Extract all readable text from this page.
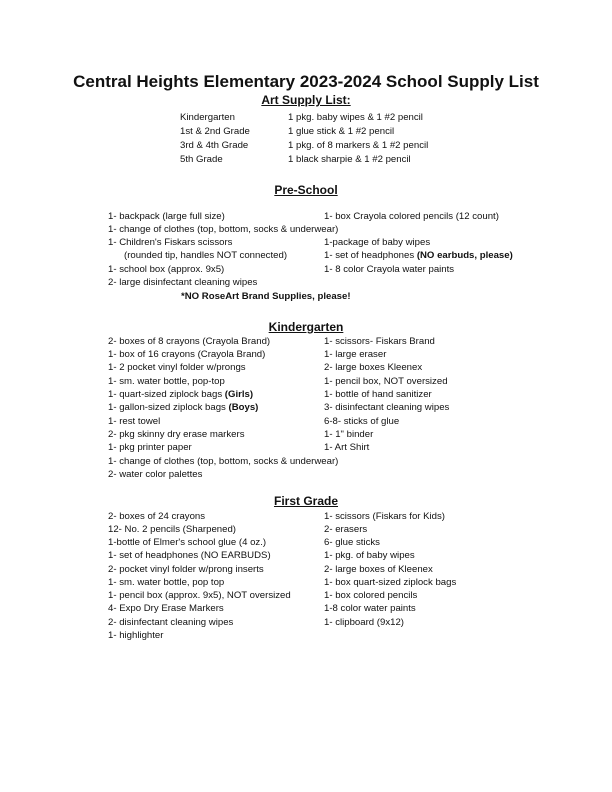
Central Heights Elementary 2023-2024 School Supply List
Art Supply List:
Kindergarten	1 pkg. baby wipes & 1 #2 pencil
1st & 2nd Grade	1 glue stick & 1 #2 pencil
3rd & 4th Grade	1 pkg. of 8 markers & 1 #2 pencil
5th Grade	1 black sharpie & 1 #2 pencil
Pre-School
1- backpack (large full size)	1- box Crayola colored pencils (12 count)
1- change of clothes (top, bottom, socks & underwear)
1- Children's Fiskars scissors	1-package of baby wipes
(rounded tip, handles NOT connected)	1- set of headphones (NO earbuds, please)
1- school box (approx. 9x5)	1- 8 color Crayola water paints
2- large disinfectant cleaning wipes
*NO RoseArt Brand Supplies, please!
Kindergarten
2- boxes of 8 crayons (Crayola Brand)	1- scissors- Fiskars Brand
1- box of 16 crayons (Crayola Brand)	1- large eraser
1- 2 pocket vinyl folder w/prongs	2- large boxes Kleenex
1- sm. water bottle, pop-top	1- pencil box, NOT oversized
1- quart-sized ziplock bags (Girls)	1- bottle of hand sanitizer
1- gallon-sized ziplock bags (Boys)	3- disinfectant cleaning wipes
1- rest towel	6-8- sticks of glue
2- pkg skinny dry erase markers	1- 1" binder
1- pkg printer paper	1- Art Shirt
1- change of clothes (top, bottom, socks & underwear)
2- water color palettes
First Grade
2- boxes of 24 crayons	1- scissors (Fiskars for Kids)
12- No. 2 pencils (Sharpened)	2- erasers
1-bottle of Elmer's school glue (4 oz.)	6- glue sticks
1- set of headphones (NO EARBUDS)	1- pkg. of baby wipes
2- pocket vinyl folder w/prong inserts	2- large boxes of Kleenex
1- sm. water bottle, pop top	1- box quart-sized ziplock bags
1- pencil box (approx. 9x5), NOT oversized	1- box colored pencils
4- Expo Dry Erase Markers	1-8 color water paints
2- disinfectant cleaning wipes	1- clipboard (9x12)
1- highlighter
